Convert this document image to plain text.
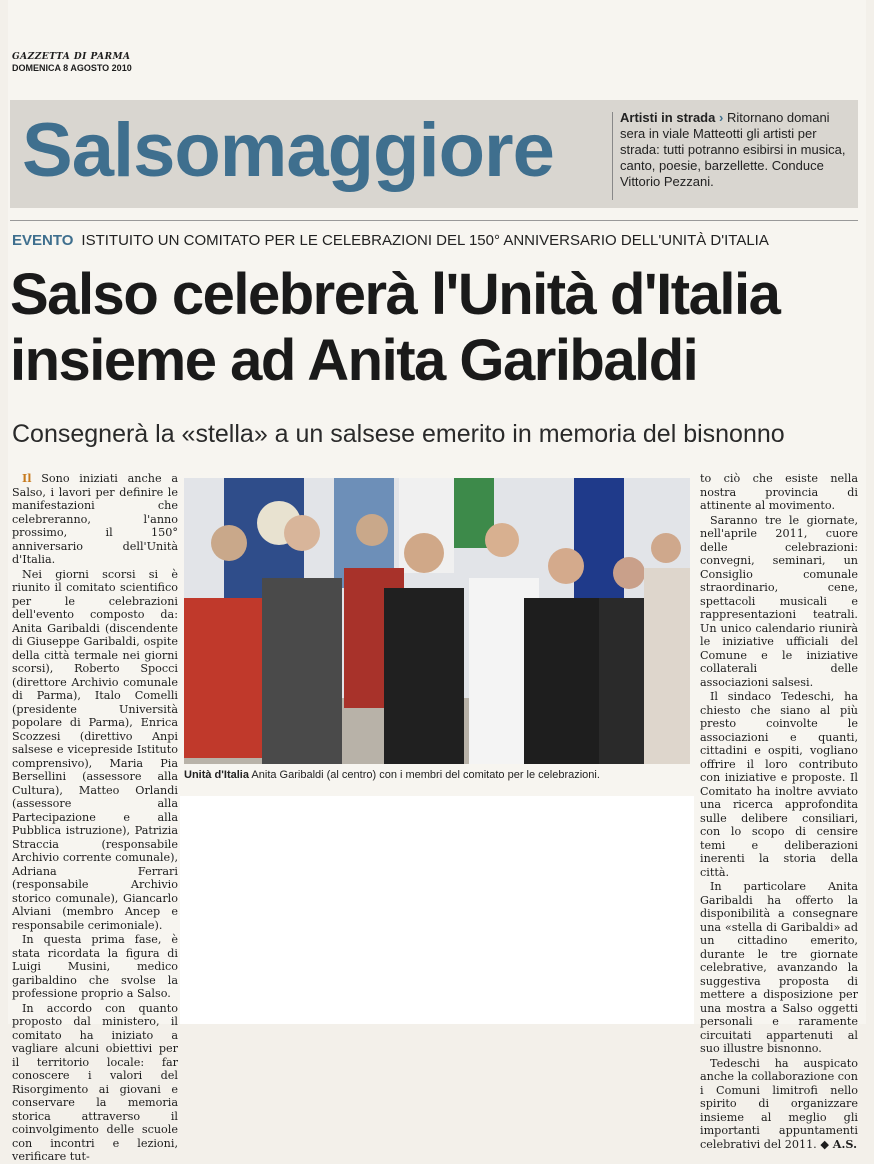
GAZZETTA DI PARMA
DOMENICA 8 AGOSTO 2010
Salsomaggiore	Artisti in strada › Ritornano domani sera in viale Matteotti gli artisti per strada: tutti potranno esibirsi in musica, canto, poesie, barzellette. Conduce Vittorio Pezzani.
EVENTO ISTITUITO UN COMITATO PER LE CELEBRAZIONI DEL 150° ANNIVERSARIO DELL'UNITÀ D'ITALIA
Salso celebrerà l'Unità d'Italia
insieme ad Anita Garibaldi
Consegnerà la «stella» a un salsese emerito in memoria del bisnonno

Il Sono iniziati anche a Salso, i lavori per definire le manifestazioni che celebreranno, l'anno prossimo, il 150° anniversario dell'Unità d'Italia.

Nei giorni scorsi si è riunito il comitato scientifico per le celebrazioni dell'evento composto da: Anita Garibaldi (discendente di Giuseppe Garibaldi, ospite della città termale nei giorni scorsi), Roberto Spocci (direttore Archivio comunale di Parma), Italo Comelli (presidente Università popolare di Parma), Enrica Scozzesi (direttivo Anpi salsese e vicepreside Istituto comprensivo), Maria Pia Bersellini (assessore alla Cultura), Matteo Orlandi (assessore alla Partecipazione e alla Pubblica istruzione), Patrizia Straccia (responsabile Archivio corrente comunale), Adriana Ferrari (responsabile Archivio storico comunale), Giancarlo Alviani (membro Ancep e responsabile cerimoniale).

In questa prima fase, è stata ricordata la figura di Luigi Musini, medico garibaldino che svolse la professione proprio a Salso.

In accordo con quanto proposto dal ministero, il comitato ha iniziato a vagliare alcuni obiettivi per il territorio locale: far conoscere i valori del Risorgimento ai giovani e conservare la memoria storica attraverso il coinvolgimento delle scuole con incontri e lezioni, verificare tut-

Unità d'Italia Anita Garibaldi (al centro) con i membri del comitato per le celebrazioni.

to ciò che esiste nella nostra provincia di attinente al movimento.

Saranno tre le giornate, nell'aprile 2011, cuore delle celebrazioni: convegni, seminari, un Consiglio comunale straordinario, cene, spettacoli musicali e rappresentazioni teatrali. Un unico calendario riunirà le iniziative ufficiali del Comune e le iniziative collaterali delle associazioni salsesi.

Il sindaco Tedeschi, ha chiesto che siano al più presto coinvolte le associazioni e quanti, cittadini e ospiti, vogliano offrire il loro contributo con iniziative e proposte. Il Comitato ha inoltre avviato una ricerca approfondita sulle delibere consiliari, con lo scopo di censire temi e deliberazioni inerenti la storia della città.

In particolare Anita Garibaldi ha offerto la disponibilità a consegnare una «stella di Garibaldi» ad un cittadino emerito, durante le tre giornate celebrative, avanzando la suggestiva proposta di mettere a disposizione per una mostra a Salso oggetti personali e raramente circuitati appartenuti al suo illustre bisnonno.

Tedeschi ha auspicato anche la collaborazione con i Comuni limitrofi nello spirito di organizzare insieme al meglio gli importanti appuntamenti celebrativi del 2011. ◆ A.S.
